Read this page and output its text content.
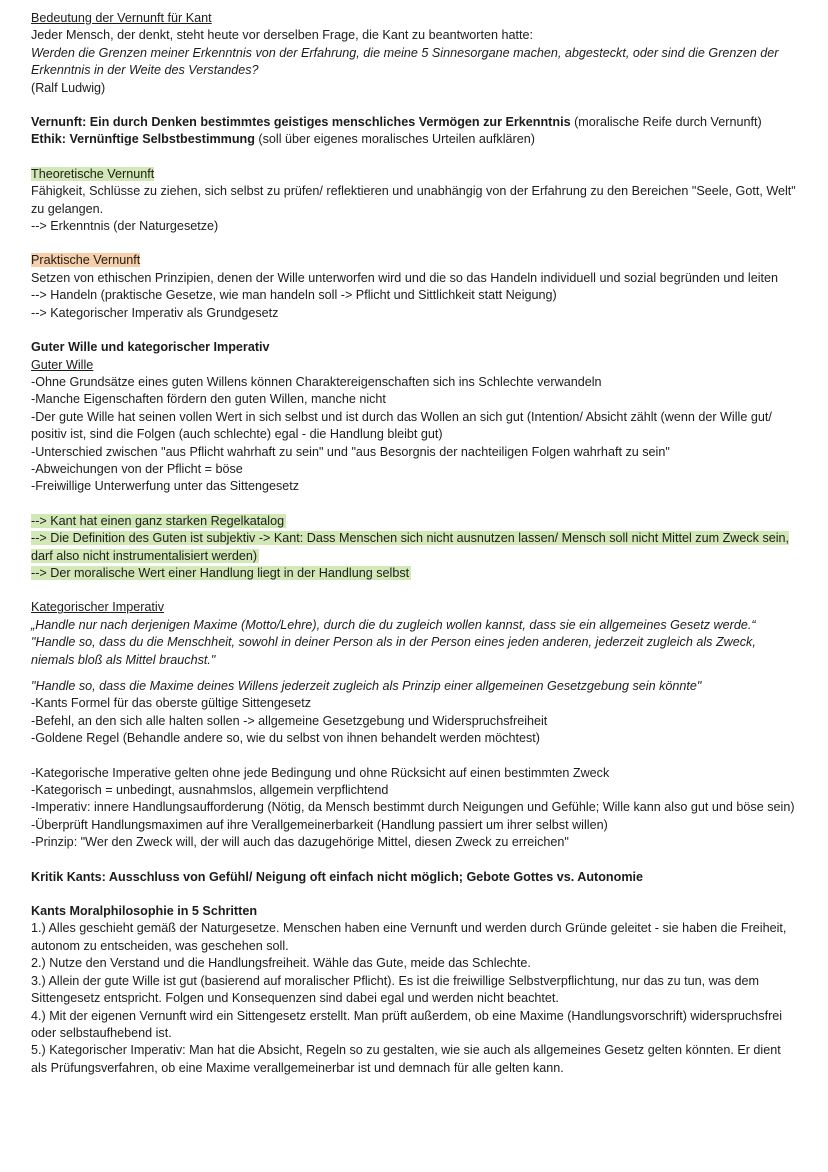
Bedeutung der Vernunft für Kant

Jeder Mensch, der denkt, steht heute vor derselben Frage, die Kant zu beantworten hatte:

Werden die Grenzen meiner Erkenntnis von der Erfahrung, die meine 5 Sinnesorgane machen, abgesteckt, oder sind die Grenzen der Erkenntnis in der Weite des Verstandes?

(Ralf Ludwig)

Vernunft: Ein durch Denken bestimmtes geistiges menschliches Vermögen zur Erkenntnis (moralische Reife durch Vernunft)

Ethik: Vernünftige Selbstbestimmung (soll über eigenes moralisches Urteilen aufklären)

Theoretische Vernunft

Fähigkeit, Schlüsse zu ziehen, sich selbst zu prüfen/ reflektieren und unabhängig von der Erfahrung zu den Bereichen "Seele, Gott, Welt" zu gelangen.

--> Erkenntnis (der Naturgesetze)

Praktische Vernunft

Setzen von ethischen Prinzipien, denen der Wille unterworfen wird und die so das Handeln individuell und sozial begründen und leiten

--> Handeln (praktische Gesetze, wie man handeln soll -> Pflicht und Sittlichkeit statt Neigung)

--> Kategorischer Imperativ als Grundgesetz

Guter Wille und kategorischer Imperativ

Guter Wille

-Ohne Grundsätze eines guten Willens können Charaktereigenschaften sich ins Schlechte verwandeln

-Manche Eigenschaften fördern den guten Willen, manche nicht

-Der gute Wille hat seinen vollen Wert in sich selbst und ist durch das Wollen an sich gut (Intention/ Absicht zählt (wenn der Wille gut/ positiv ist, sind die Folgen (auch schlechte) egal - die Handlung bleibt gut)

-Unterschied zwischen "aus Pflicht wahrhaft zu sein" und "aus Besorgnis der nachteiligen Folgen wahrhaft zu sein"

-Abweichungen von der Pflicht = böse

-Freiwillige Unterwerfung unter das Sittengesetz

--> Kant hat einen ganz starken Regelkatalog

--> Die Definition des Guten ist subjektiv -> Kant: Dass Menschen sich nicht ausnutzen lassen/ Mensch soll nicht Mittel zum Zweck sein, darf also nicht instrumentalisiert werden)

--> Der moralische Wert einer Handlung liegt in der Handlung selbst

Kategorischer Imperativ

„Handle nur nach derjenigen Maxime (Motto/Lehre), durch die du zugleich wollen kannst, dass sie ein allgemeines Gesetz werde.“

"Handle so, dass du die Menschheit, sowohl in deiner Person als in der Person eines jeden anderen, jederzeit zugleich als Zweck, niemals bloß als Mittel brauchst."

"Handle so, dass die Maxime deines Willens jederzeit zugleich als Prinzip einer allgemeinen Gesetzgebung sein könnte"

-Kants Formel für das oberste gültige Sittengesetz

-Befehl, an den sich alle halten sollen -> allgemeine Gesetzgebung und Widerspruchsfreiheit

-Goldene Regel (Behandle andere so, wie du selbst von ihnen behandelt werden möchtest)

-Kategorische Imperative gelten ohne jede Bedingung und ohne Rücksicht auf einen bestimmten Zweck

-Kategorisch = unbedingt, ausnahmslos, allgemein verpflichtend

-Imperativ: innere Handlungsaufforderung (Nötig, da Mensch bestimmt durch Neigungen und Gefühle; Wille kann also gut und böse sein)

-Überprüft Handlungsmaximen auf ihre Verallgemeinerbarkeit (Handlung passiert um ihrer selbst willen)

-Prinzip: "Wer den Zweck will, der will auch das dazugehörige Mittel, diesen Zweck zu erreichen"

Kritik Kants: Ausschluss von Gefühl/ Neigung oft einfach nicht möglich; Gebote Gottes vs. Autonomie

Kants Moralphilosophie in 5 Schritten

1.) Alles geschieht gemäß der Naturgesetze. Menschen haben eine Vernunft und werden durch Gründe geleitet - sie haben die Freiheit, autonom zu entscheiden, was geschehen soll.

2.) Nutze den Verstand und die Handlungsfreiheit. Wähle das Gute, meide das Schlechte.

3.) Allein der gute Wille ist gut (basierend auf moralischer Pflicht). Es ist die freiwillige Selbstverpflichtung, nur das zu tun, was dem Sittengesetz entspricht. Folgen und Konsequenzen sind dabei egal und werden nicht beachtet.

4.) Mit der eigenen Vernunft wird ein Sittengesetz erstellt. Man prüft außerdem, ob eine Maxime (Handlungsvorschrift) widerspruchsfrei oder selbstaufhebend ist.

5.) Kategorischer Imperativ: Man hat die Absicht, Regeln so zu gestalten, wie sie auch als allgemeines Gesetz gelten könnten. Er dient als Prüfungsverfahren, ob eine Maxime verallgemeinerbar ist und demnach für alle gelten kann.
